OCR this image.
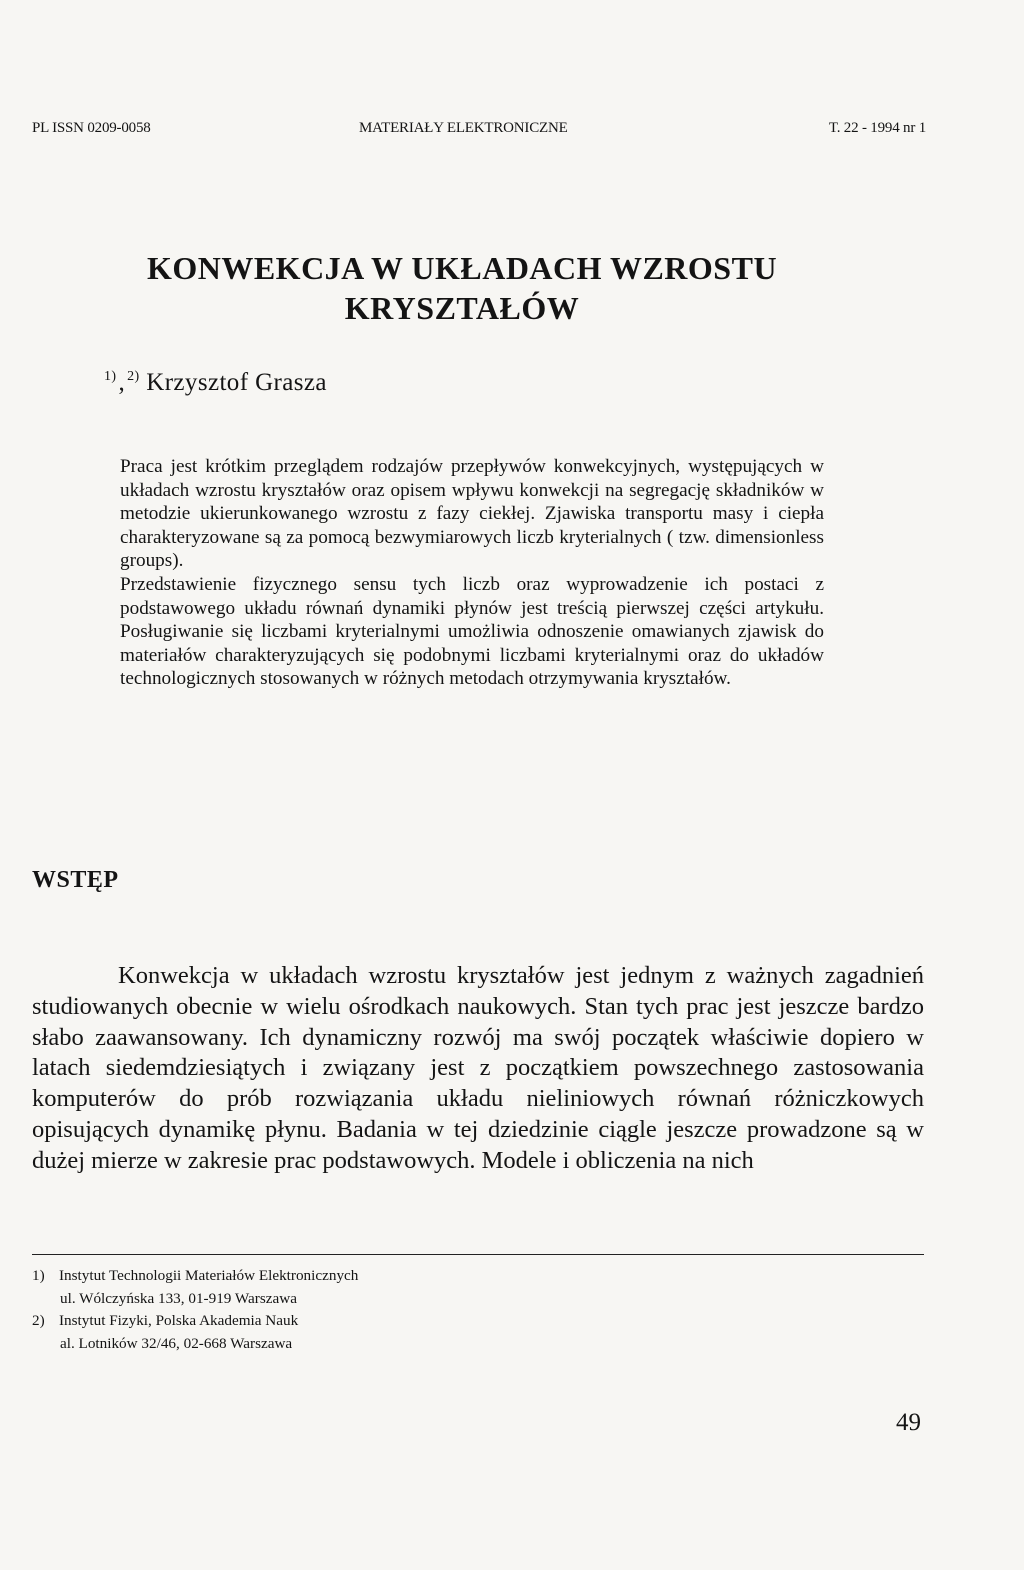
PL ISSN 0209-0058	MATERIAŁY ELEKTRONICZNE	T. 22 - 1994 nr 1
KONWEKCJA W UKŁADACH WZROSTU
KRYSZTAŁÓW
$^{1)}$, $^{2)}$ Krzysztof Grasza

Praca jest krótkim przeglądem rodzajów przepływów konwekcyjnych, występujących w układach wzrostu kryształów oraz opisem wpływu konwekcji na segregację składników w metodzie ukierunkowanego wzrostu z fazy ciekłej. Zjawiska transportu masy i ciepła charakteryzowane są za pomocą bezwymiarowych liczb kryterialnych ( tzw. dimensionless groups).

Przedstawienie fizycznego sensu tych liczb oraz wyprowadzenie ich postaci z podstawowego układu równań dynamiki płynów jest treścią pierwszej części artykułu. Posługiwanie się liczbami kryterialnymi umożliwia odnoszenie omawianych zjawisk do materiałów charakteryzujących się podobnymi liczbami kryterialnymi oraz do układów technologicznych stosowanych w różnych metodach otrzymywania kryształów.

WSTĘP

Konwekcja w układach wzrostu kryształów jest jednym z ważnych zagadnień studiowanych obecnie w wielu ośrodkach naukowych. Stan tych prac jest jeszcze bardzo słabo zaawansowany. Ich dynamiczny rozwój ma swój początek właściwie dopiero w latach siedemdziesiątych i związany jest z początkiem powszechnego zastosowania komputerów do prób rozwiązania układu nieliniowych równań różniczkowych opisujących dynamikę płynu. Badania w tej dziedzinie ciągle jeszcze prowadzone są w dużej mierze w zakresie prac podstawowych. Modele i obliczenia na nich

1) Instytut Technologii Materiałów Elektronicznych
ul. Wólczyńska 133, 01-919 Warszawa
2) Instytut Fizyki, Polska Akademia Nauk
al. Lotników 32/46, 02-668 Warszawa
49
